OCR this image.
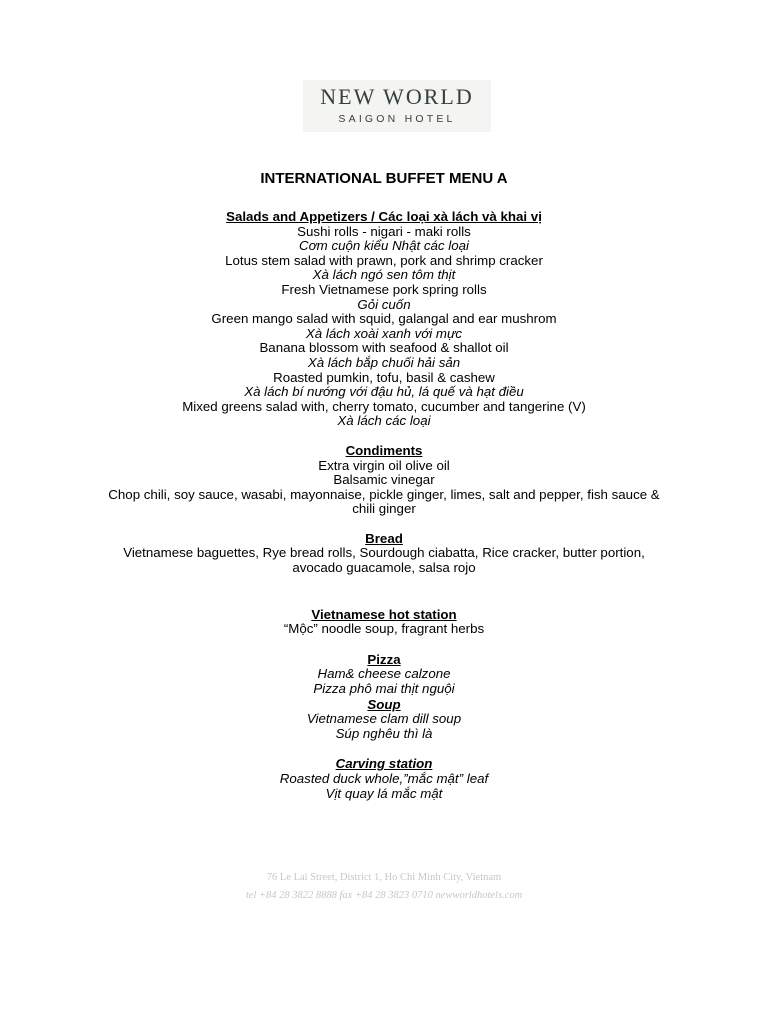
NEW WORLD
SAIGON HOTEL
INTERNATIONAL BUFFET MENU A
Salads and Appetizers / Các loại xà lách và khai vị
Sushi rolls - nigari - maki rolls
Cơm cuộn kiểu Nhật các loại
Lotus stem salad with prawn, pork and shrimp cracker
Xà lách ngó sen tôm thịt
Fresh Vietnamese pork spring rolls
Gỏi cuốn
Green mango salad with squid, galangal and ear mushrom
Xà lách xoài xanh với mực
Banana blossom with seafood & shallot oil
Xà lách bắp chuối hải sản
Roasted pumkin, tofu, basil & cashew
Xà lách bí nướng với đậu hủ, lá quế và hạt điều
Mixed greens salad with, cherry tomato, cucumber and tangerine (V)
Xà lách các loại
Condiments
Extra virgin oil olive oil
Balsamic vinegar
Chop chili, soy sauce, wasabi, mayonnaise, pickle ginger, limes, salt and pepper, fish sauce &
chili ginger
Bread
Vietnamese baguettes, Rye bread rolls, Sourdough ciabatta, Rice cracker, butter portion,
avocado guacamole, salsa rojo
Vietnamese hot station
“Mộc” noodle soup, fragrant herbs
Pizza
Ham& cheese calzone
Pizza phô mai thịt nguội
Soup
Vietnamese clam dill soup
Súp nghêu thì là
Carving station
Roasted duck whole,”mắc mật” leaf
Vịt quay lá mắc mật
76 Le Lai Street, District 1, Ho Chi Minh City, Vietnam
tel +84 28 3822 8888 fax +84 28 3823 0710 newworldhotels.com
